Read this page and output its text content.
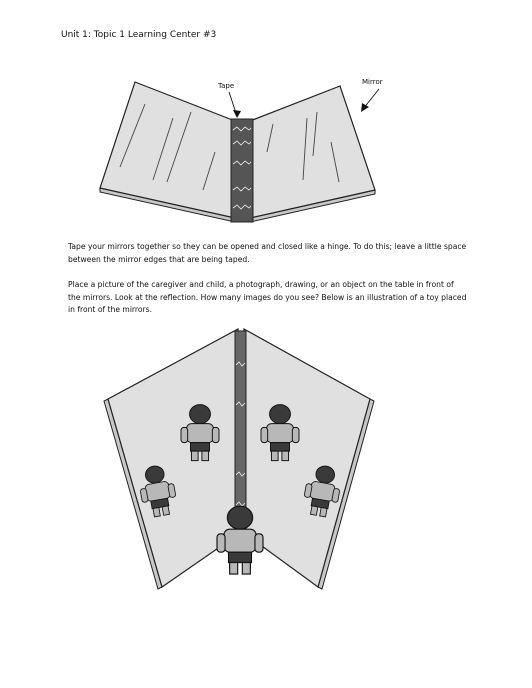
Unit 1: Topic 1 Learning Center #3
Tape	Mirror

Tape your mirrors together so they can be opened and closed like a hinge. To do this; leave a little space between the mirror edges that are being taped.

Place a picture of the caregiver and child, a photograph, drawing, or an object on the table in front of the mirrors. Look at the reflection. How many images do you see? Below is an illustration of a toy placed in front of the mirrors.
